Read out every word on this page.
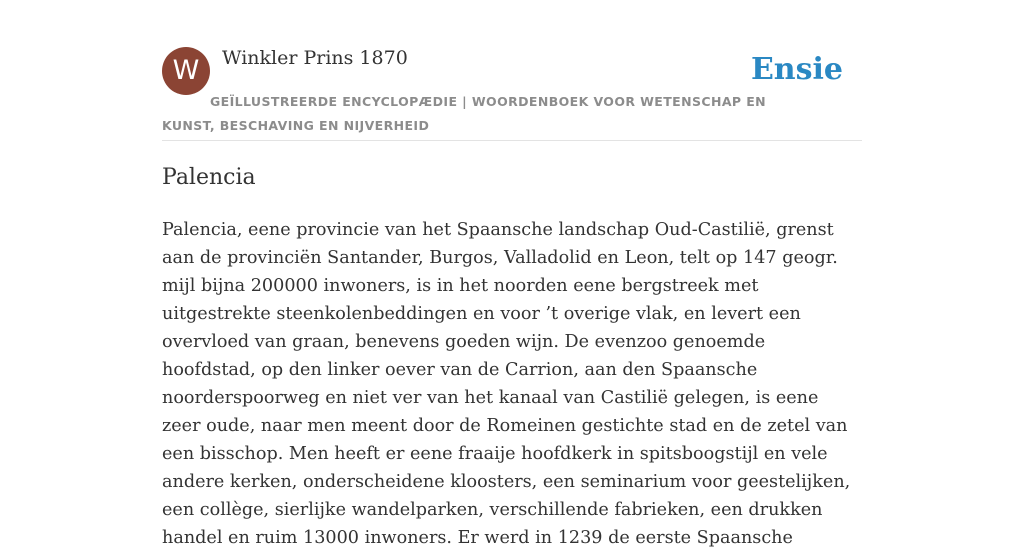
W	Winkler Prins 1870	Ensie
GEÏLLUSTREERDE ENCYCLOPÆDIE | WOORDENBOEK VOOR WETENSCHAP EN KUNST, BESCHAVING EN NIJVERHEID
Palencia

Palencia, eene provincie van het Spaansche landschap Oud-Castilië, grenst aan de provinciën Santander, Burgos, Valladolid en Leon, telt op 147 geogr. mijl bijna 200000 inwoners, is in het noorden eene bergstreek met uitgestrekte steenkolenbeddingen en voor ’t overige vlak, en levert een overvloed van graan, benevens goeden wijn. De evenzoo genoemde hoofdstad, op den linker oever van de Carrion, aan den Spaansche noorderspoorweg en niet ver van het kanaal van Castilië gelegen, is eene zeer oude, naar men meent door de Romeinen gestichte stad en de zetel van een bisschop. Men heeft er eene fraaije hoofdkerk in spitsboogstijl en vele andere kerken, onderscheidene kloosters, een seminarium voor geestelijken, een collège, sierlijke wandelparken, verschillende fabrieken, een drukken handel en ruim 13000 inwoners. Er werd in 1239 de eerste Spaansche
